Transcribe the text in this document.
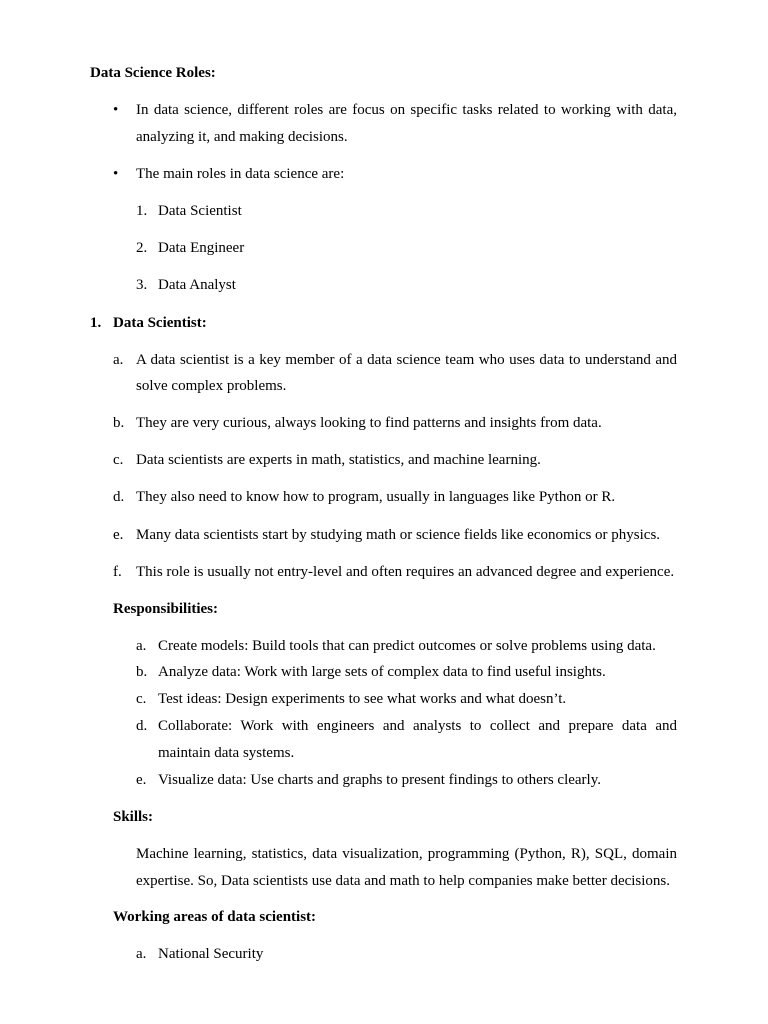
Data Science Roles:
• In data science, different roles are focus on specific tasks related to working with data,
analyzing it, and making decisions.
• The main roles in data science are:
1. Data Scientist
2. Data Engineer
3. Data Analyst
1. Data Scientist:
a. A data scientist is a key member of a data science team who uses data to understand and
solve complex problems.
b. They are very curious, always looking to find patterns and insights from data.
c. Data scientists are experts in math, statistics, and machine learning.
d. They also need to know how to program, usually in languages like Python or R.
e. Many data scientists start by studying math or science fields like economics or physics.
f. This role is usually not entry-level and often requires an advanced degree and experience.
Responsibilities:
a. Create models: Build tools that can predict outcomes or solve problems using data.
b. Analyze data: Work with large sets of complex data to find useful insights.
c. Test ideas: Design experiments to see what works and what doesn’t.
d. Collaborate: Work with engineers and analysts to collect and prepare data and
maintain data systems.
e. Visualize data: Use charts and graphs to present findings to others clearly.
Skills:
Machine learning, statistics, data visualization, programming (Python, R), SQL, domain
expertise. So, Data scientists use data and math to help companies make better decisions.
Working areas of data scientist:
a. National Security
